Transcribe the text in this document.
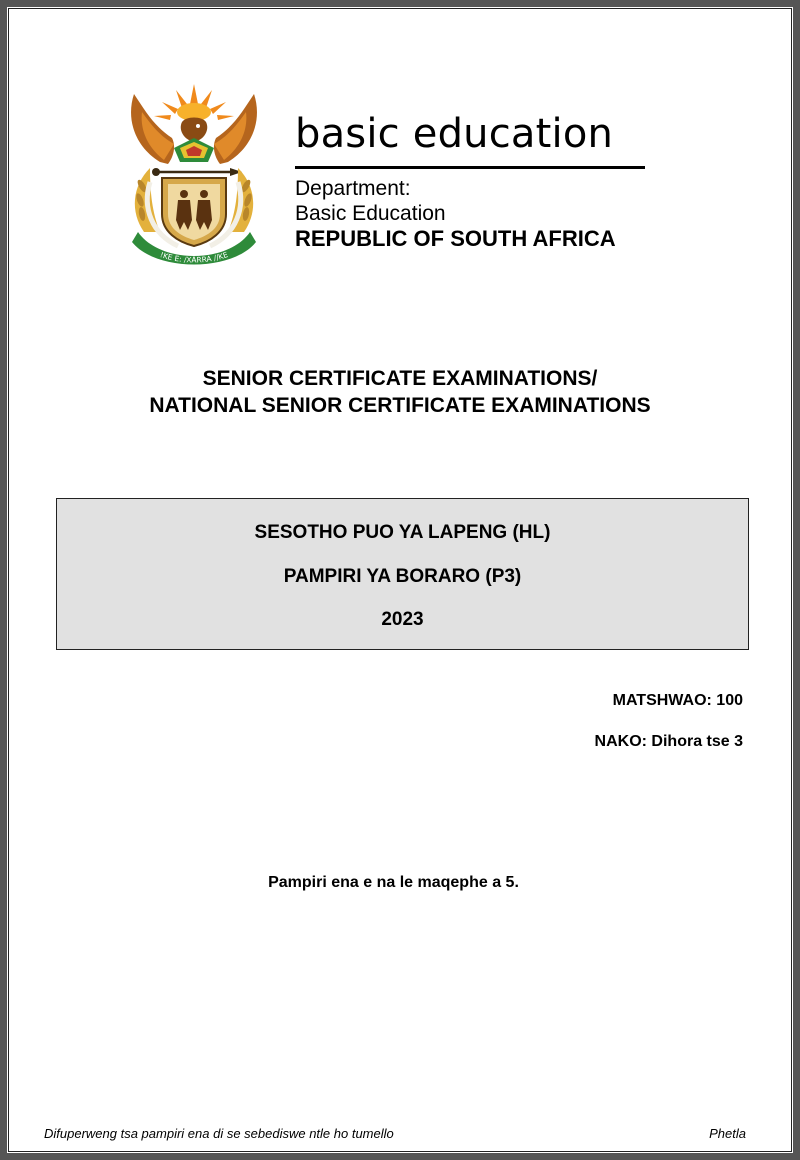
!KE E: /XARRA //KE
basic education
Department:
Basic Education
REPUBLIC OF SOUTH AFRICA
SENIOR CERTIFICATE EXAMINATIONS/
NATIONAL SENIOR CERTIFICATE EXAMINATIONS
SESOTHO PUO YA LAPENG (HL)
PAMPIRI YA BORARO (P3)
2023
MATSHWAO: 100
NAKO: Dihora tse 3
Pampiri ena e na le maqephe a 5.
Difuperweng tsa pampiri ena di se sebediswe ntle ho tumello	Phetla
